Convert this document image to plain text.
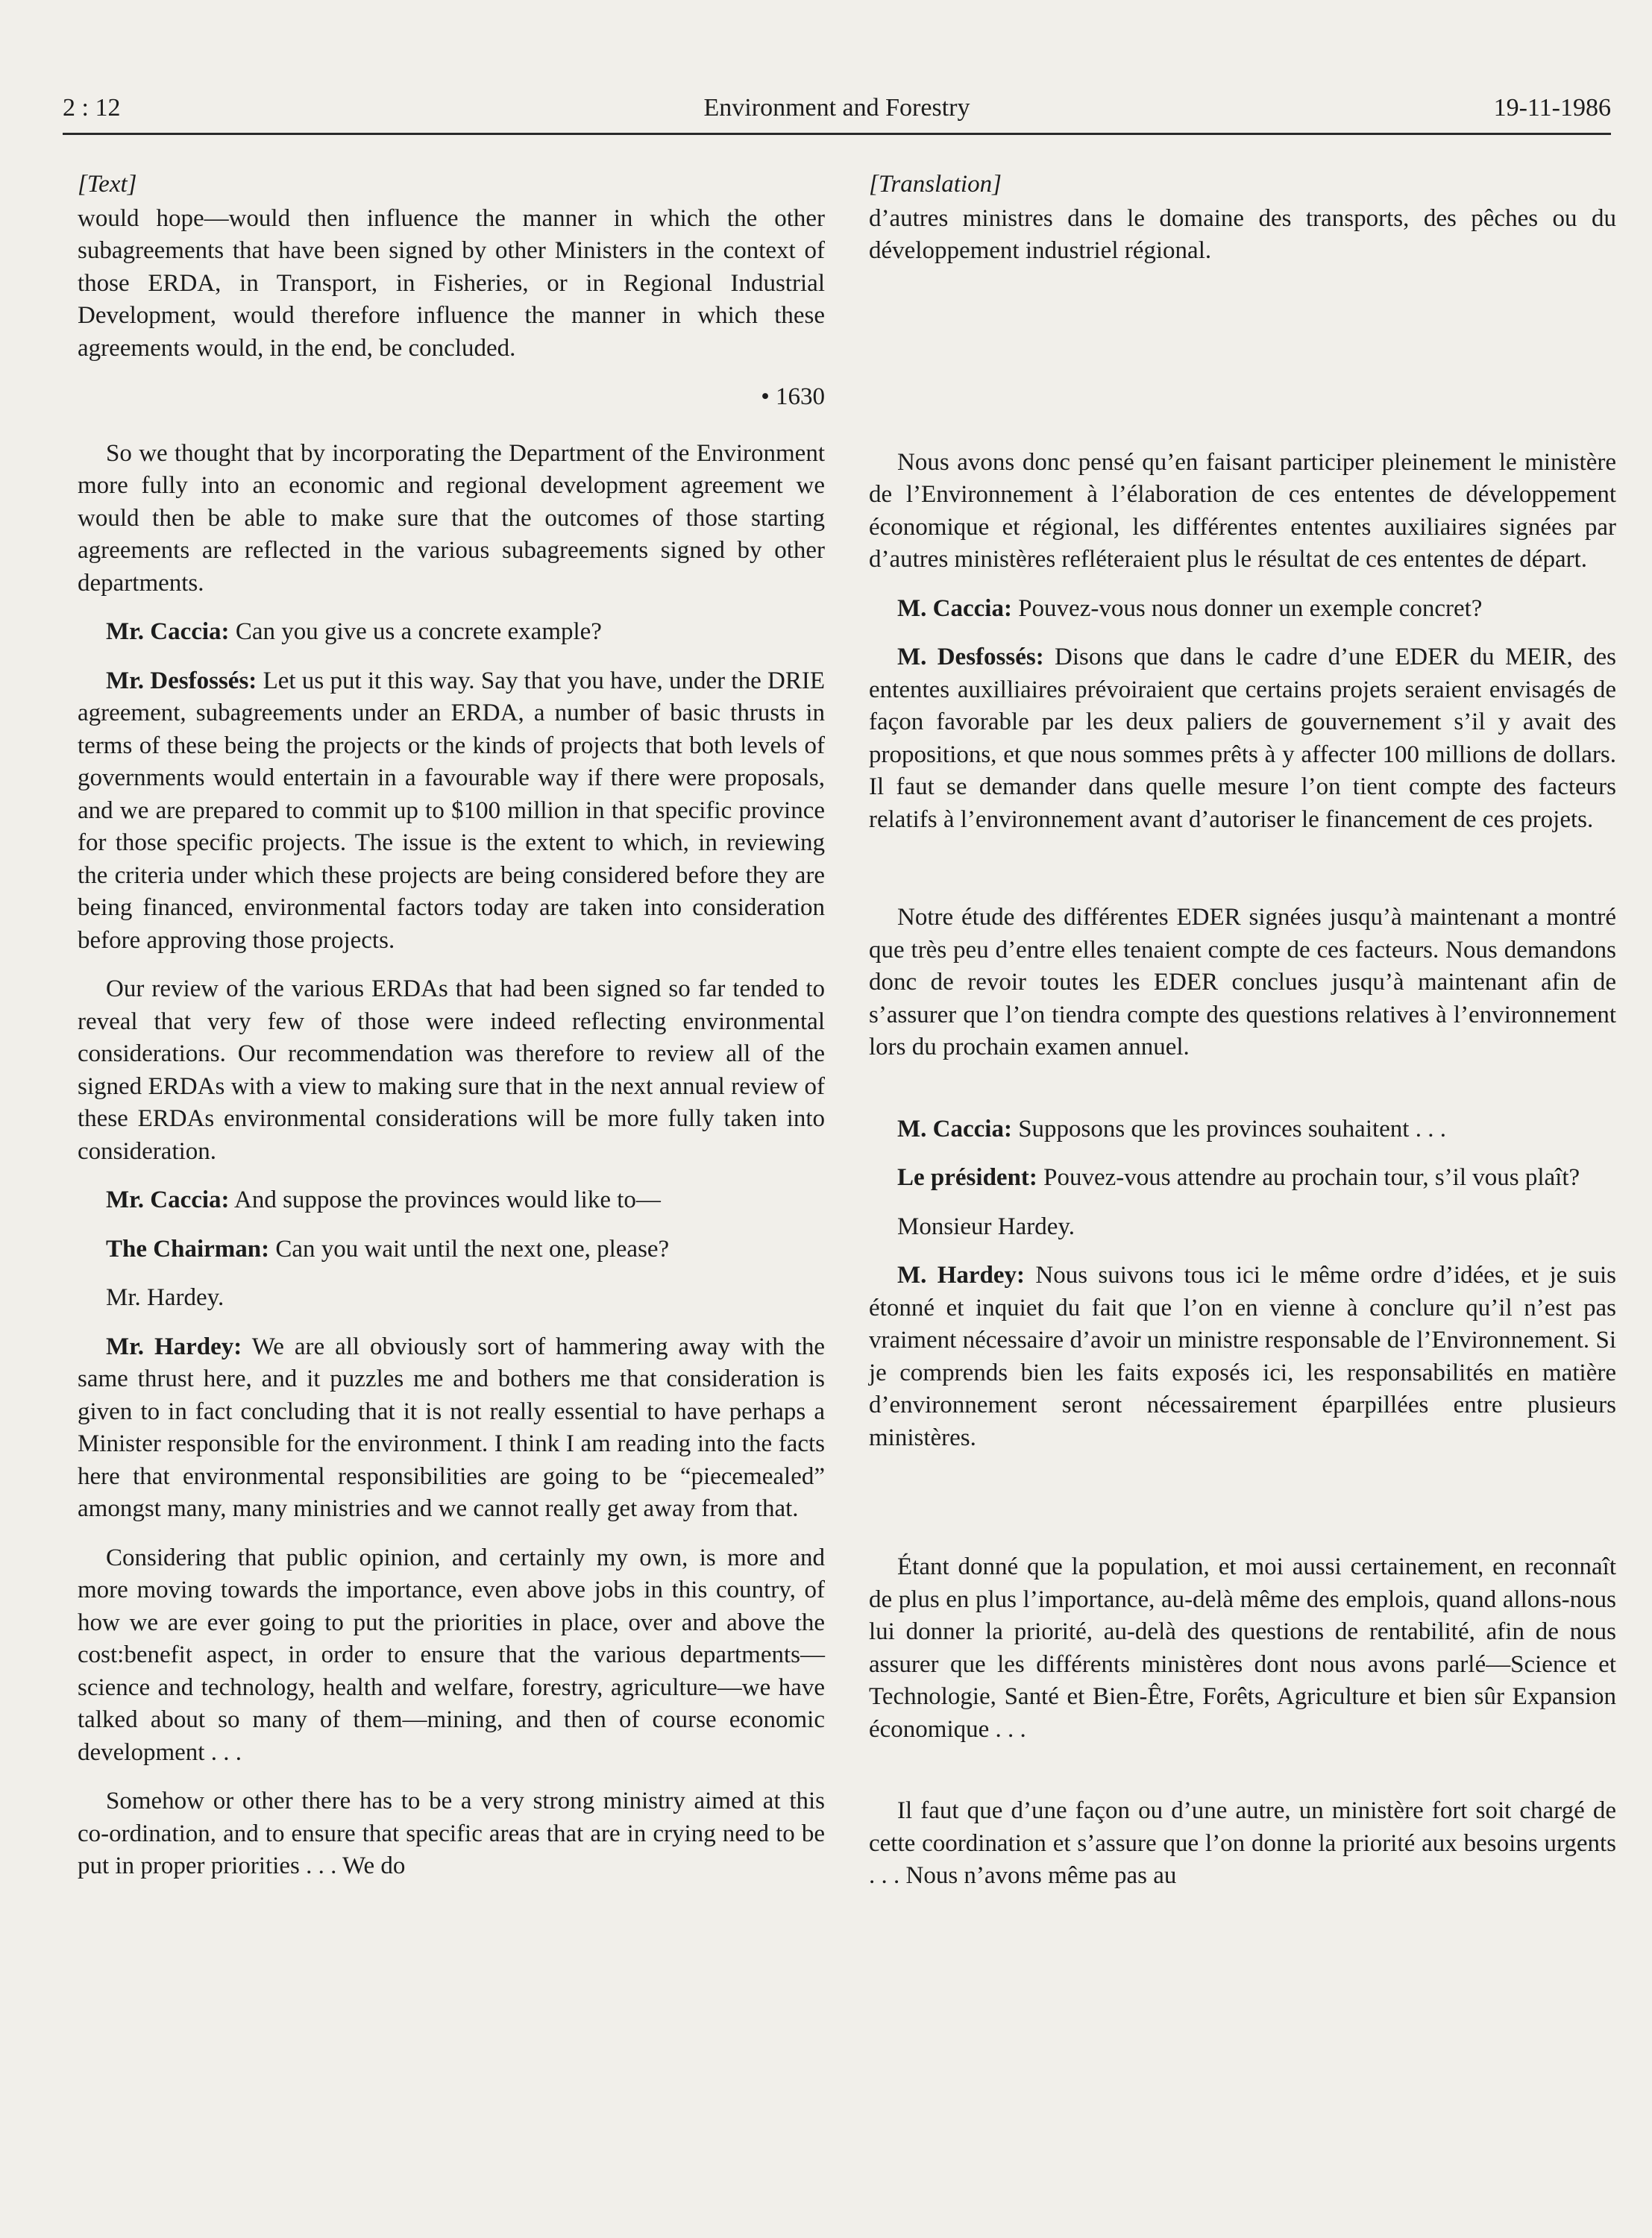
2 : 12	Environment and Forestry	19-11-1986
[Text]

would hope—would then influence the manner in which the other subagreements that have been signed by other Ministers in the context of those ERDA, in Transport, in Fisheries, or in Regional Industrial Development, would therefore influence the manner in which these agreements would, in the end, be concluded.

• 1630

So we thought that by incorporating the Department of the Environment more fully into an economic and regional development agreement we would then be able to make sure that the outcomes of those starting agreements are reflected in the various subagreements signed by other departments.

Mr. Caccia: Can you give us a concrete example?

Mr. Desfossés: Let us put it this way. Say that you have, under the DRIE agreement, subagreements under an ERDA, a number of basic thrusts in terms of these being the projects or the kinds of projects that both levels of governments would entertain in a favourable way if there were proposals, and we are prepared to commit up to $100 million in that specific province for those specific projects. The issue is the extent to which, in reviewing the criteria under which these projects are being considered before they are being financed, environmental factors today are taken into consideration before approving those projects.

Our review of the various ERDAs that had been signed so far tended to reveal that very few of those were indeed reflecting environmental considerations. Our recommendation was therefore to review all of the signed ERDAs with a view to making sure that in the next annual review of these ERDAs environmental considerations will be more fully taken into consideration.

Mr. Caccia: And suppose the provinces would like to—

The Chairman: Can you wait until the next one, please?

Mr. Hardey.

Mr. Hardey: We are all obviously sort of hammering away with the same thrust here, and it puzzles me and bothers me that consideration is given to in fact concluding that it is not really essential to have perhaps a Minister responsible for the environment. I think I am reading into the facts here that environmental responsibilities are going to be “piecemealed” amongst many, many ministries and we cannot really get away from that.

Considering that public opinion, and certainly my own, is more and more moving towards the importance, even above jobs in this country, of how we are ever going to put the priorities in place, over and above the cost:benefit aspect, in order to ensure that the various departments—science and technology, health and welfare, forestry, agriculture—we have talked about so many of them—mining, and then of course economic development . . .

Somehow or other there has to be a very strong ministry aimed at this co-ordination, and to ensure that specific areas that are in crying need to be put in proper priorities . . . We do

[Translation]

d’autres ministres dans le domaine des transports, des pêches ou du développement industriel régional.

Nous avons donc pensé qu’en faisant participer pleinement le ministère de l’Environnement à l’élaboration de ces ententes de développement économique et régional, les différentes ententes auxiliaires signées par d’autres ministères refléteraient plus le résultat de ces ententes de départ.

M. Caccia: Pouvez-vous nous donner un exemple concret?

M. Desfossés: Disons que dans le cadre d’une EDER du MEIR, des ententes auxilliaires prévoiraient que certains projets seraient envisagés de façon favorable par les deux paliers de gouvernement s’il y avait des propositions, et que nous sommes prêts à y affecter 100 millions de dollars. Il faut se demander dans quelle mesure l’on tient compte des facteurs relatifs à l’environnement avant d’autoriser le financement de ces projets.

Notre étude des différentes EDER signées jusqu’à maintenant a montré que très peu d’entre elles tenaient compte de ces facteurs. Nous demandons donc de revoir toutes les EDER conclues jusqu’à maintenant afin de s’assurer que l’on tiendra compte des questions relatives à l’environnement lors du prochain examen annuel.

M. Caccia: Supposons que les provinces souhaitent . . .

Le président: Pouvez-vous attendre au prochain tour, s’il vous plaît?

Monsieur Hardey.

M. Hardey: Nous suivons tous ici le même ordre d’idées, et je suis étonné et inquiet du fait que l’on en vienne à conclure qu’il n’est pas vraiment nécessaire d’avoir un ministre responsable de l’Environnement. Si je comprends bien les faits exposés ici, les responsabilités en matière d’environnement seront nécessairement éparpillées entre plusieurs ministères.

Étant donné que la population, et moi aussi certainement, en reconnaît de plus en plus l’importance, au-delà même des emplois, quand allons-nous lui donner la priorité, au-delà des questions de rentabilité, afin de nous assurer que les différents ministères dont nous avons parlé—Science et Technologie, Santé et Bien-Être, Forêts, Agriculture et bien sûr Expansion économique . . .

Il faut que d’une façon ou d’une autre, un ministère fort soit chargé de cette coordination et s’assure que l’on donne la priorité aux besoins urgents . . . Nous n’avons même pas au
